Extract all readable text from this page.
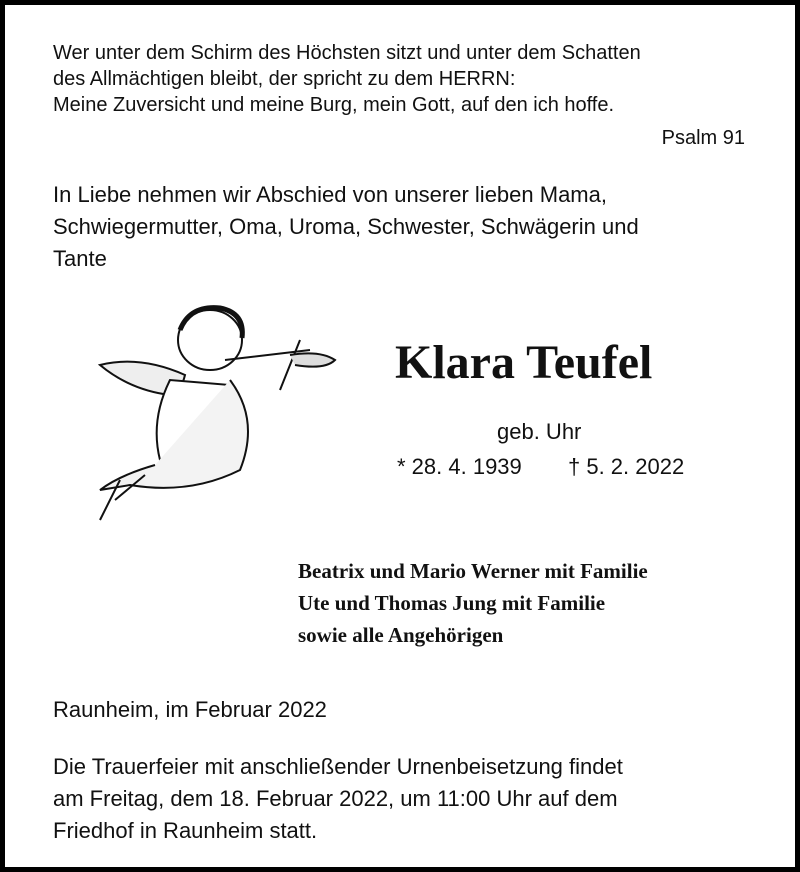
Wer unter dem Schirm des Höchsten sitzt und unter dem Schatten
des Allmächtigen bleibt, der spricht zu dem HERRN:
Meine Zuversicht und meine Burg, mein Gott, auf den ich hoffe.
Psalm 91
In Liebe nehmen wir Abschied von unserer lieben Mama,
Schwiegermutter, Oma, Uroma, Schwester, Schwägerin und
Tante
Klara Teufel
geb. Uhr
* 28. 4. 1939 † 5. 2. 2022
Beatrix und Mario Werner mit Familie
Ute und Thomas Jung mit Familie
sowie alle Angehörigen
Raunheim, im Februar 2022
Die Trauerfeier mit anschließender Urnenbeisetzung findet
am Freitag, dem 18. Februar 2022, um 11:00 Uhr auf dem
Friedhof in Raunheim statt.
